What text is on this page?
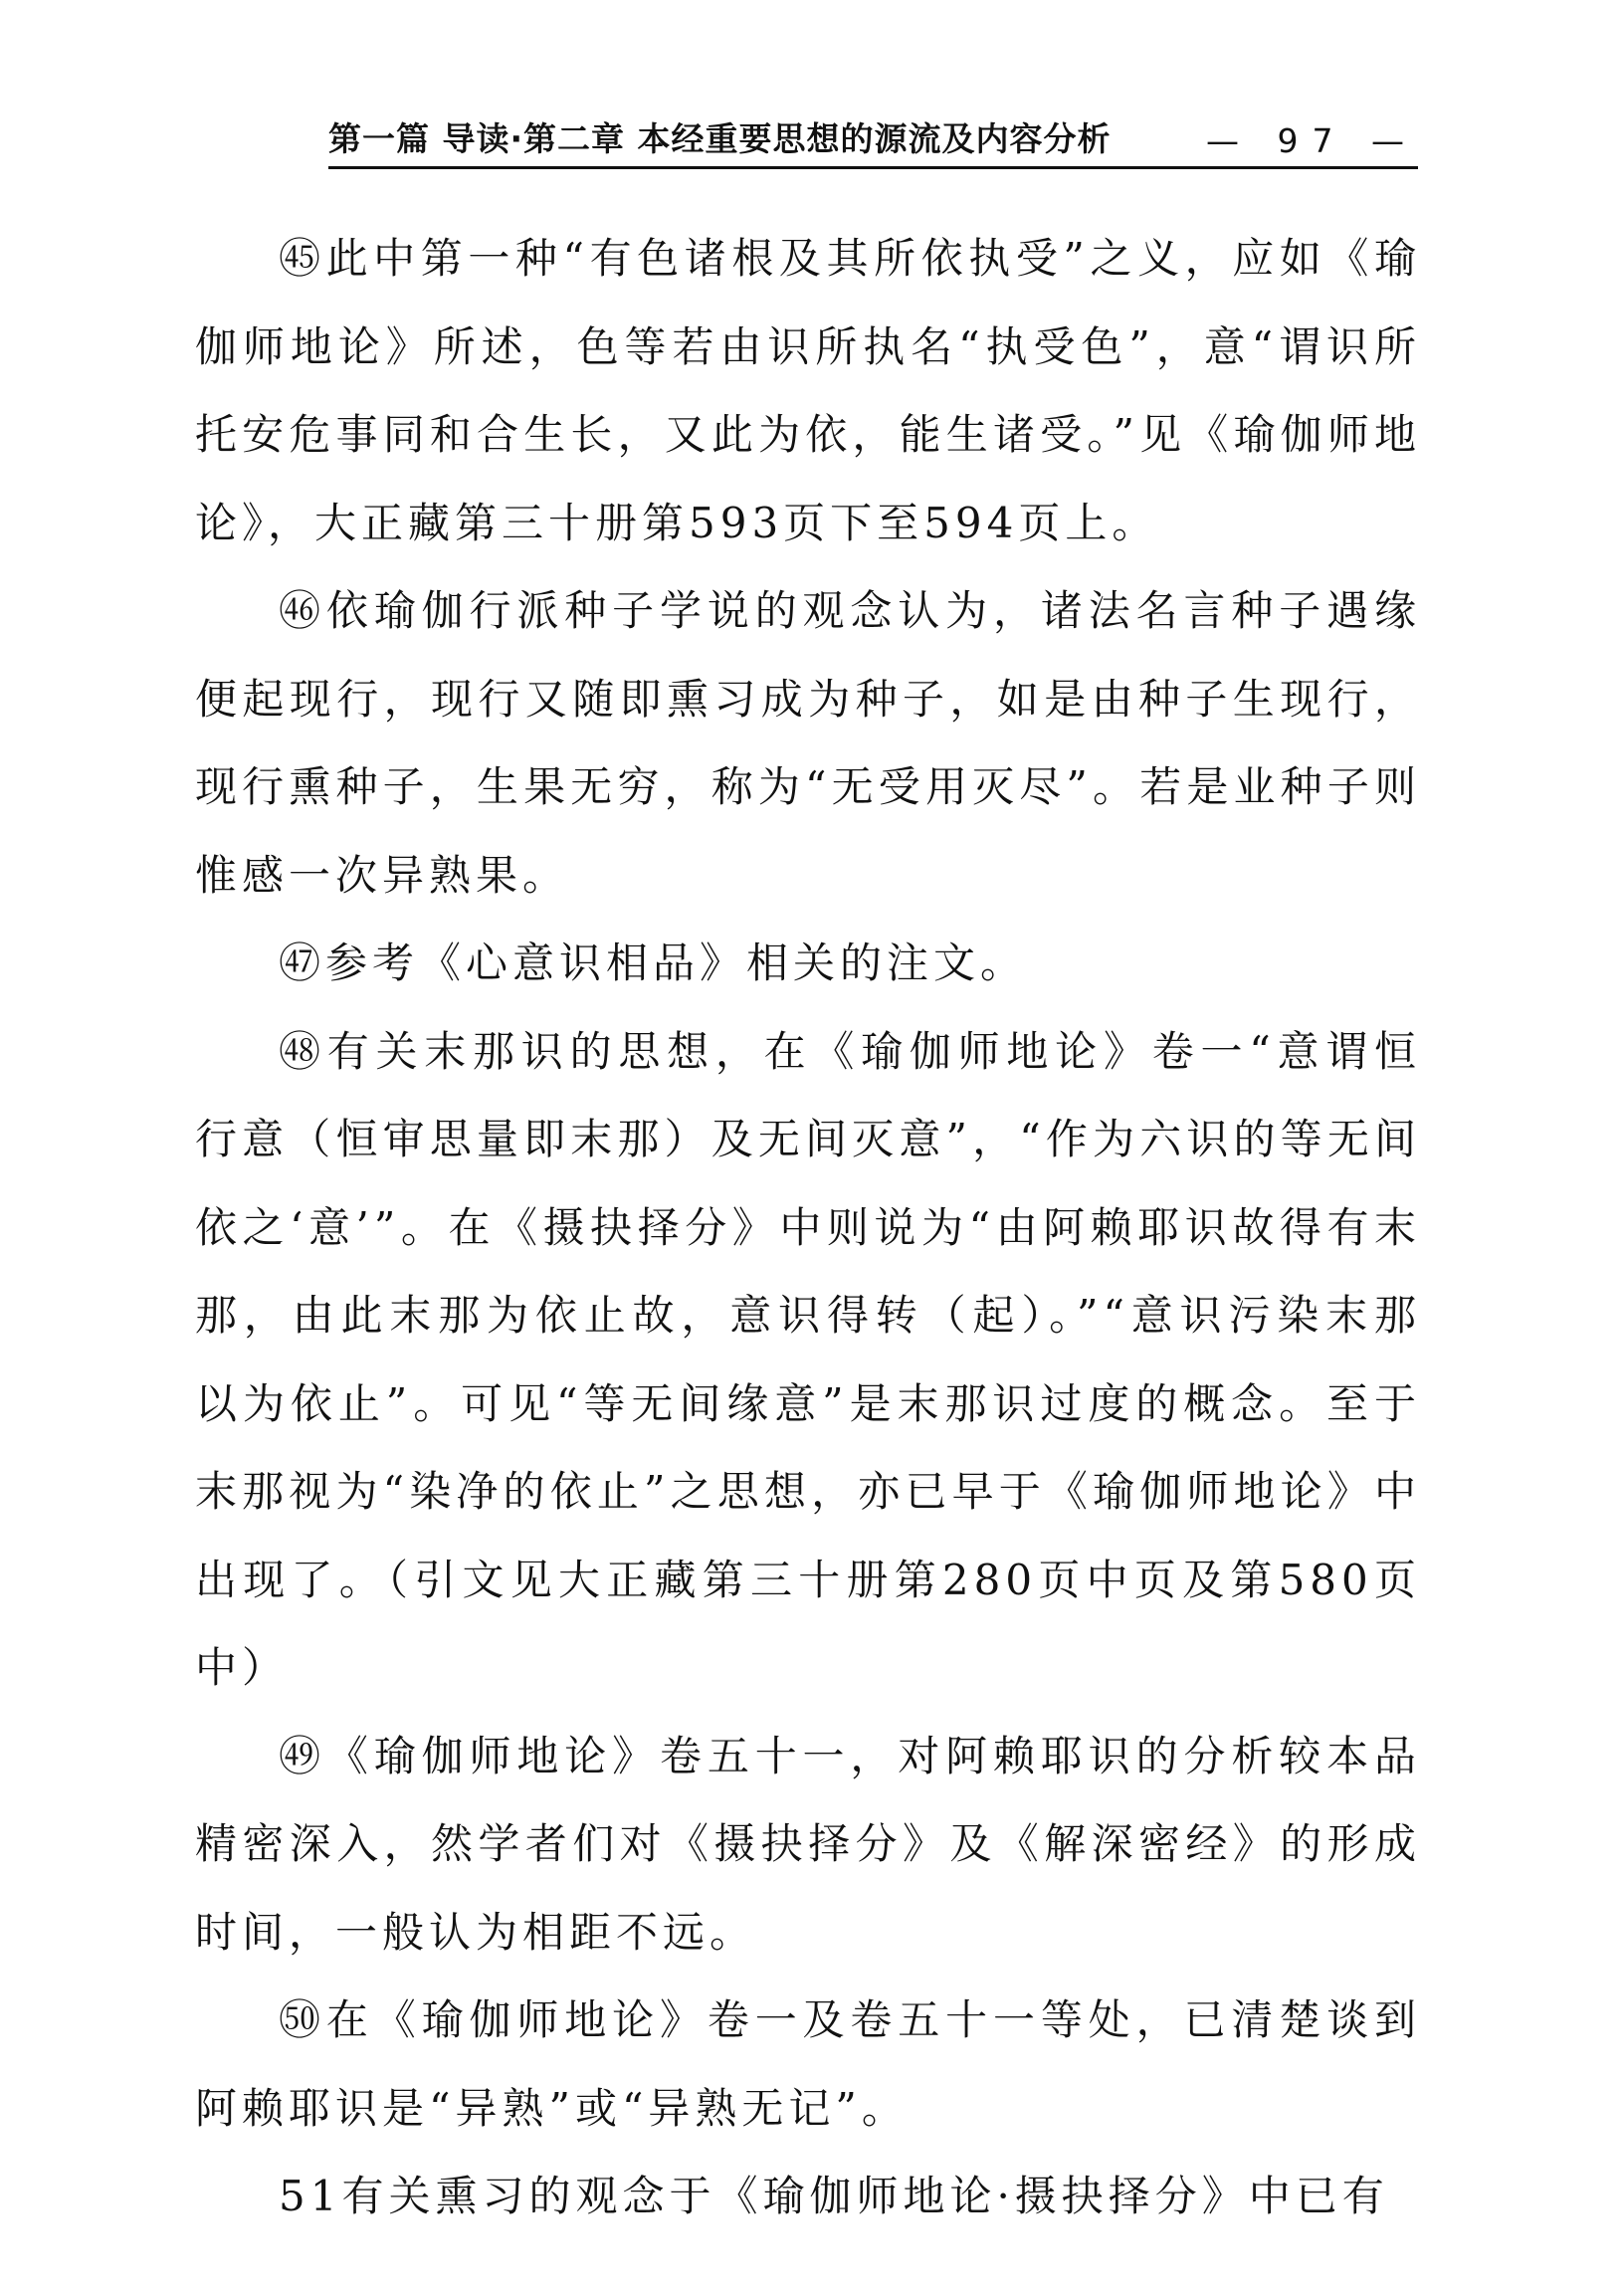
第一篇 导读·第二章 本经重要思想的源流及内容分析	— 97 —

㊺此中第一种“有色诸根及其所依执受”之义，应如《瑜伽师地论》所述，色等若由识所执名“执受色”，意“谓识所托安危事同和合生长，又此为依，能生诸受。”见《瑜伽师地论》，大正藏第三十册第593页下至594页上。

㊻依瑜伽行派种子学说的观念认为，诸法名言种子遇缘便起现行，现行又随即熏习成为种子，如是由种子生现行，现行熏种子，生果无穷，称为“无受用灭尽”。若是业种子则惟感一次异熟果。

㊼参考《心意识相品》相关的注文。

㊽有关末那识的思想，在《瑜伽师地论》卷一“意谓恒行意（恒审思量即末那）及无间灭意”，“作为六识的等无间依之‘意’”。在《摄抉择分》中则说为“由阿赖耶识故得有末那，由此末那为依止故，意识得转（起）。”“意识污染末那以为依止”。可见“等无间缘意”是末那识过度的概念。至于末那视为“染净的依止”之思想，亦已早于《瑜伽师地论》中出现了。（引文见大正藏第三十册第280页中页及第580页中）

㊾《瑜伽师地论》卷五十一，对阿赖耶识的分析较本品精密深入，然学者们对《摄抉择分》及《解深密经》的形成时间，一般认为相距不远。

㊿在《瑜伽师地论》卷一及卷五十一等处，已清楚谈到阿赖耶识是“异熟”或“异熟无记”。

51有关熏习的观念于《瑜伽师地论·摄抉择分》中已有
